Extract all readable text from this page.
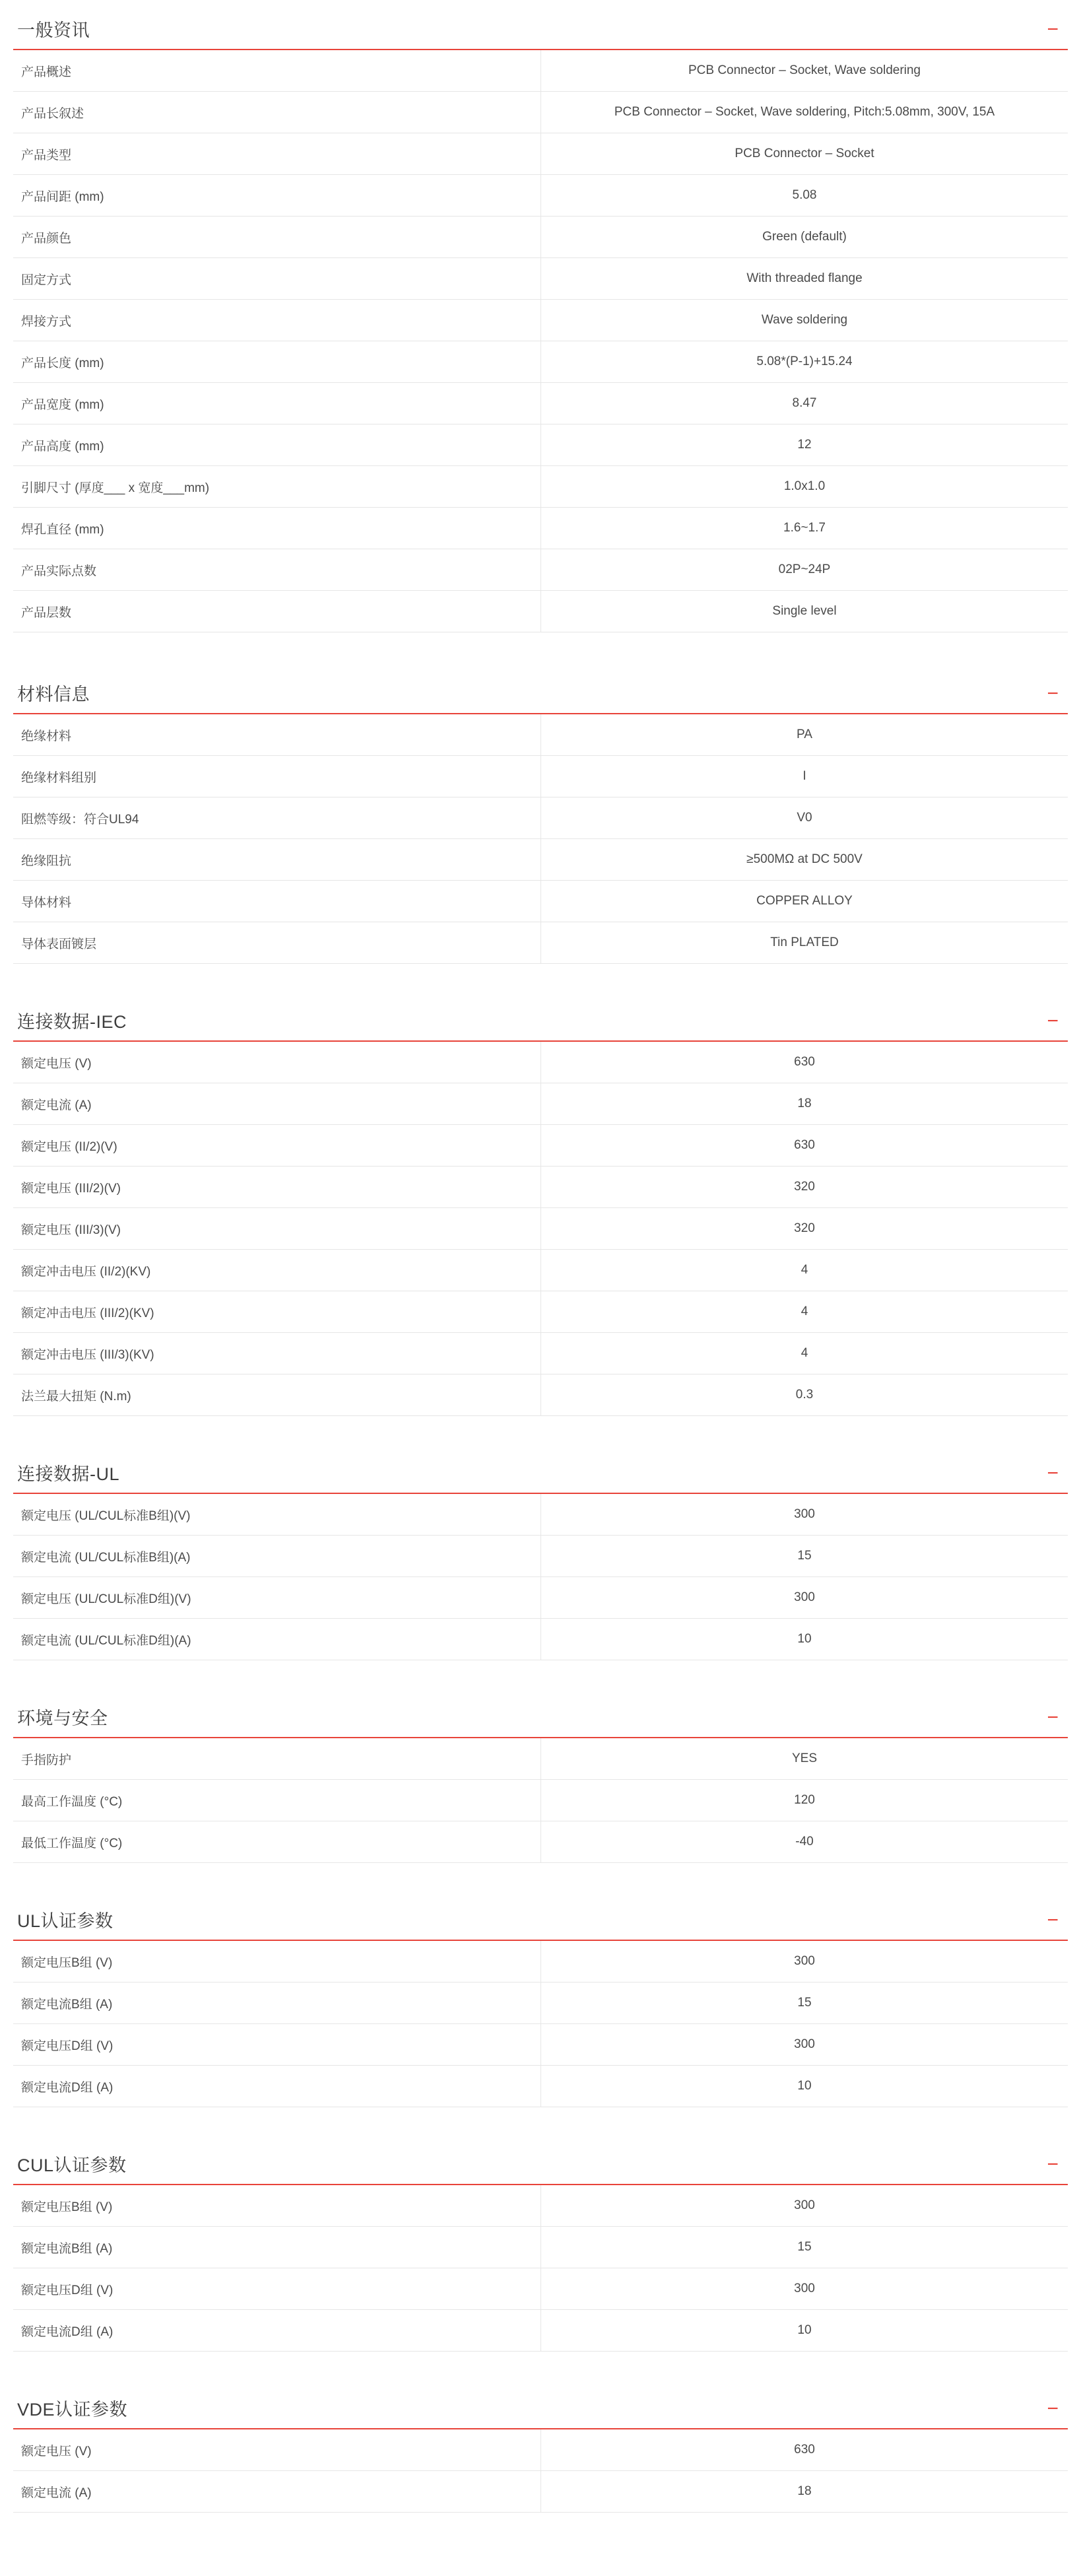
一般资讯	−
产品概述	PCB Connector – Socket, Wave soldering
产品长叙述	PCB Connector – Socket, Wave soldering, Pitch:5.08mm, 300V, 15A
产品类型	PCB Connector – Socket
产品间距 (mm)	5.08
产品颜色	Green (default)
固定方式	With threaded flange
焊接方式	Wave soldering
产品长度 (mm)	5.08*(P-1)+15.24
产品宽度 (mm)	8.47
产品高度 (mm)	12
引脚尺寸 (厚度___ x 宽度___mm)	1.0x1.0
焊孔直径 (mm)	1.6~1.7
产品实际点数	02P~24P
产品层数	Single level
材料信息	−
绝缘材料	PA
绝缘材料组别	I
阻燃等级：符合UL94	V0
绝缘阻抗	≥500MΩ at DC 500V
导体材料	COPPER ALLOY
导体表面镀层	Tin PLATED
连接数据-IEC	−
额定电压 (V)	630
额定电流 (A)	18
额定电压 (II/2)(V)	630
额定电压 (III/2)(V)	320
额定电压 (III/3)(V)	320
额定冲击电压 (II/2)(KV)	4
额定冲击电压 (III/2)(KV)	4
额定冲击电压 (III/3)(KV)	4
法兰最大扭矩 (N.m)	0.3
连接数据-UL	−
额定电压 (UL/CUL标准B组)(V)	300
额定电流 (UL/CUL标准B组)(A)	15
额定电压 (UL/CUL标准D组)(V)	300
额定电流 (UL/CUL标准D组)(A)	10
环境与安全	−
手指防护	YES
最高工作温度 (°C)	120
最低工作温度 (°C)	-40
UL认证参数	−
额定电压B组 (V)	300
额定电流B组 (A)	15
额定电压D组 (V)	300
额定电流D组 (A)	10
CUL认证参数	−
额定电压B组 (V)	300
额定电流B组 (A)	15
额定电压D组 (V)	300
额定电流D组 (A)	10
VDE认证参数	−
额定电压 (V)	630
额定电流 (A)	18
